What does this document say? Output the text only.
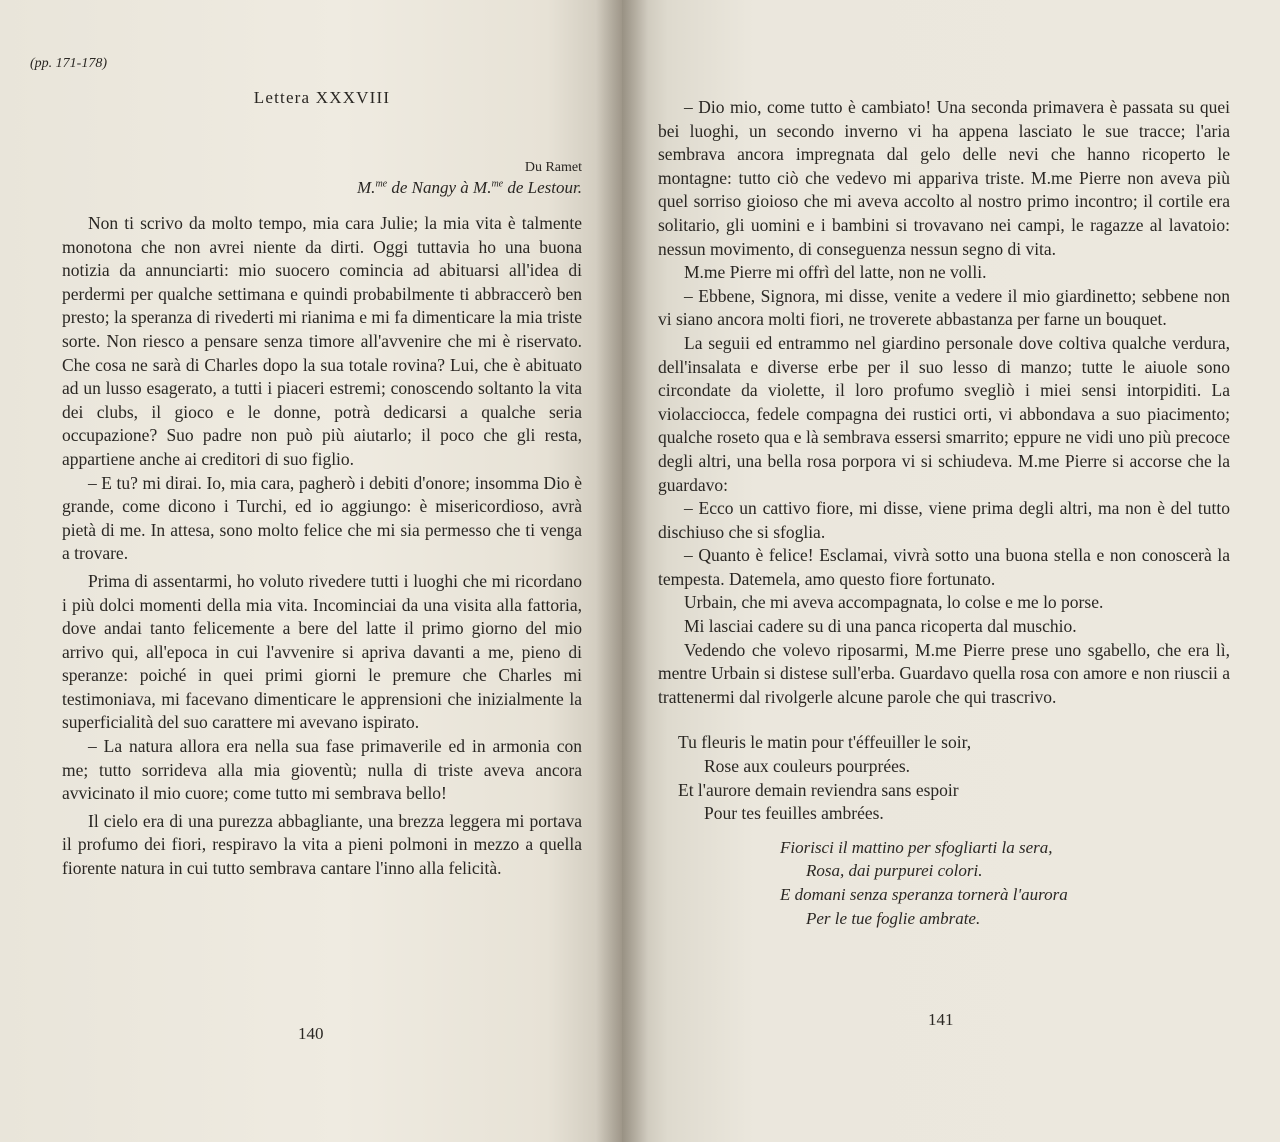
(pp. 171-178)
Lettera XXXVIII
Du Ramet
M.$^{me}$ de Nangy à M.$^{me}$ de Lestour.

Non ti scrivo da molto tempo, mia cara Julie; la mia vita è talmente monotona che non avrei niente da dirti. Oggi tuttavia ho una buona notizia da annunciarti: mio suocero comincia ad abituarsi all'idea di perdermi per qualche settimana e quindi probabilmente ti abbraccerò ben presto; la speranza di rivederti mi rianima e mi fa dimenticare la mia triste sorte. Non riesco a pensare senza timore all'avvenire che mi è riservato. Che cosa ne sarà di Charles dopo la sua totale rovina? Lui, che è abituato ad un lusso esagerato, a tutti i piaceri estremi; conoscendo soltanto la vita dei clubs, il gioco e le donne, potrà dedicarsi a qualche seria occupazione? Suo padre non può più aiutarlo; il poco che gli resta, appartiene anche ai creditori di suo figlio.

– E tu? mi dirai. Io, mia cara, pagherò i debiti d'onore; insomma Dio è grande, come dicono i Turchi, ed io aggiungo: è misericordioso, avrà pietà di me. In attesa, sono molto felice che mi sia permesso che ti venga a trovare.

Prima di assentarmi, ho voluto rivedere tutti i luoghi che mi ricordano i più dolci momenti della mia vita. Incominciai da una visita alla fattoria, dove andai tanto felicemente a bere del latte il primo giorno del mio arrivo qui, all'epoca in cui l'avvenire si apriva davanti a me, pieno di speranze: poiché in quei primi giorni le premure che Charles mi testimoniava, mi facevano dimenticare le apprensioni che inizialmente la superficialità del suo carattere mi avevano ispirato.

– La natura allora era nella sua fase primaverile ed in armonia con me; tutto sorrideva alla mia gioventù; nulla di triste aveva ancora avvicinato il mio cuore; come tutto mi sembrava bello!

Il cielo era di una purezza abbagliante, una brezza leggera mi portava il profumo dei fiori, respiravo la vita a pieni polmoni in mezzo a quella fiorente natura in cui tutto sembrava cantare l'inno alla felicità.

140

– Dio mio, come tutto è cambiato! Una seconda primavera è passata su quei bei luoghi, un secondo inverno vi ha appena lasciato le sue tracce; l'aria sembrava ancora impregnata dal gelo delle nevi che hanno ricoperto le montagne: tutto ciò che vedevo mi appariva triste. M.me Pierre non aveva più quel sorriso gioioso che mi aveva accolto al nostro primo incontro; il cortile era solitario, gli uomini e i bambini si trovavano nei campi, le ragazze al lavatoio: nessun movimento, di conseguenza nessun segno di vita.

M.me Pierre mi offrì del latte, non ne volli.

– Ebbene, Signora, mi disse, venite a vedere il mio giardinetto; sebbene non vi siano ancora molti fiori, ne troverete abbastanza per farne un bouquet.

La seguii ed entrammo nel giardino personale dove coltiva qualche verdura, dell'insalata e diverse erbe per il suo lesso di manzo; tutte le aiuole sono circondate da violette, il loro profumo svegliò i miei sensi intorpiditi. La violacciocca, fedele compagna dei rustici orti, vi abbondava a suo piacimento; qualche roseto qua e là sembrava essersi smarrito; eppure ne vidi uno più precoce degli altri, una bella rosa porpora vi si schiudeva. M.me Pierre si accorse che la guardavo:

– Ecco un cattivo fiore, mi disse, viene prima degli altri, ma non è del tutto dischiuso che si sfoglia.

– Quanto è felice! Esclamai, vivrà sotto una buona stella e non conoscerà la tempesta. Datemela, amo questo fiore fortunato.

Urbain, che mi aveva accompagnata, lo colse e me lo porse.

Mi lasciai cadere su di una panca ricoperta dal muschio.

Vedendo che volevo riposarmi, M.me Pierre prese uno sgabello, che era lì, mentre Urbain si distese sull'erba. Guardavo quella rosa con amore e non riuscii a trattenermi dal rivolgerle alcune parole che qui trascrivo.

Tu fleuris le matin pour t'éffeuiller le soir,
Rose aux couleurs pourprées.
Et l'aurore demain reviendra sans espoir
Pour tes feuilles ambrées.
Fiorisci il mattino per sfogliarti la sera,
Rosa, dai purpurei colori.
E domani senza speranza tornerà l'aurora
Per le tue foglie ambrate.
141
